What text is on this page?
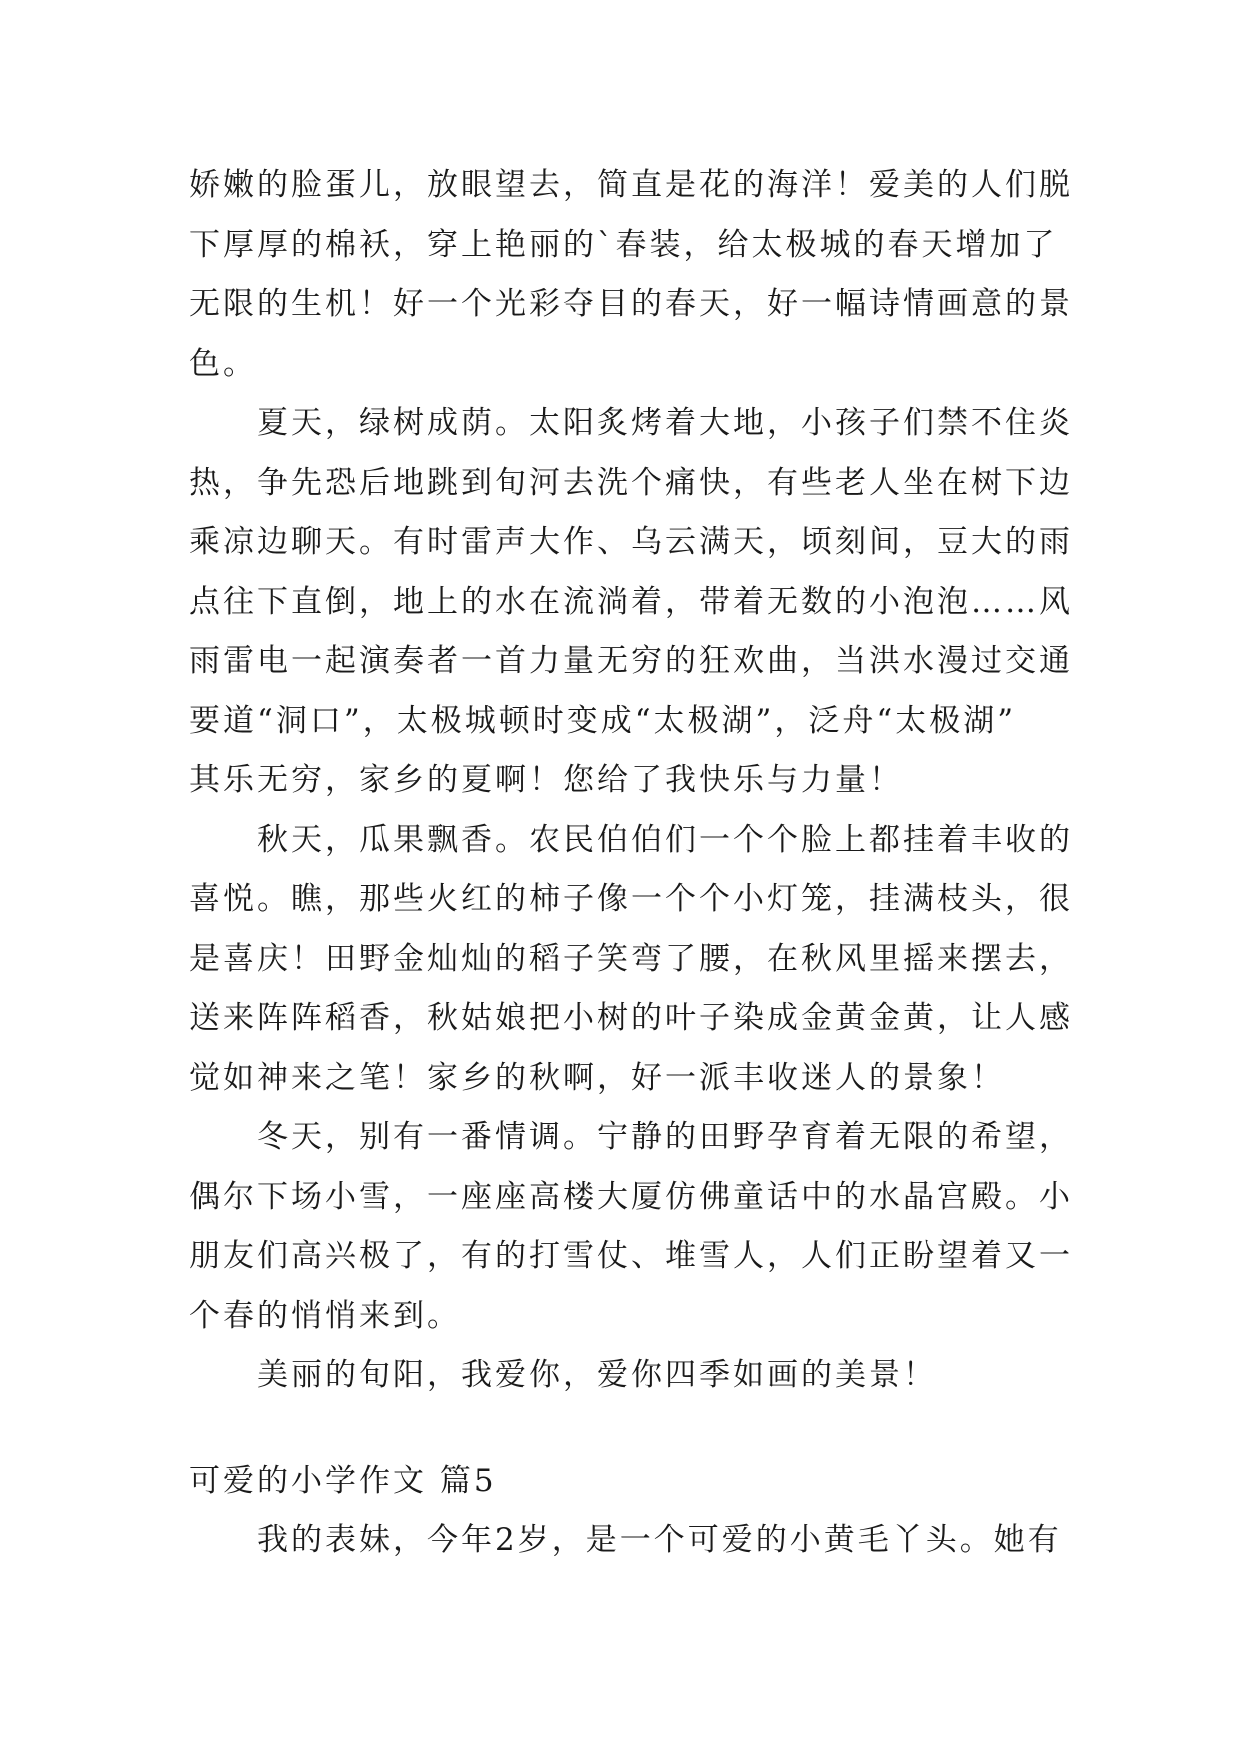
娇嫩的脸蛋儿，放眼望去，简直是花的海洋！爱美的人们脱
下厚厚的棉袄，穿上艳丽的`春装，给太极城的春天增加了
无限的生机！好一个光彩夺目的春天，好一幅诗情画意的景
色。
夏天，绿树成荫。太阳炙烤着大地，小孩子们禁不住炎
热，争先恐后地跳到旬河去洗个痛快，有些老人坐在树下边
乘凉边聊天。有时雷声大作、乌云满天，顷刻间，豆大的雨
点往下直倒，地上的水在流淌着，带着无数的小泡泡……风
雨雷电一起演奏者一首力量无穷的狂欢曲，当洪水漫过交通
要道“洞口”，太极城顿时变成“太极湖”，泛舟“太极湖”
其乐无穷，家乡的夏啊！您给了我快乐与力量！
秋天，瓜果飘香。农民伯伯们一个个脸上都挂着丰收的
喜悦。瞧，那些火红的柿子像一个个小灯笼，挂满枝头，很
是喜庆！田野金灿灿的稻子笑弯了腰，在秋风里摇来摆去，
送来阵阵稻香，秋姑娘把小树的叶子染成金黄金黄，让人感
觉如神来之笔！家乡的秋啊，好一派丰收迷人的景象！
冬天，别有一番情调。宁静的田野孕育着无限的希望，
偶尔下场小雪，一座座高楼大厦仿佛童话中的水晶宫殿。小
朋友们高兴极了，有的打雪仗、堆雪人，人们正盼望着又一
个春的悄悄来到。
美丽的旬阳，我爱你，爱你四季如画的美景！
可爱的小学作文 篇5
我的表妹，今年2岁，是一个可爱的小黄毛丫头。她有
